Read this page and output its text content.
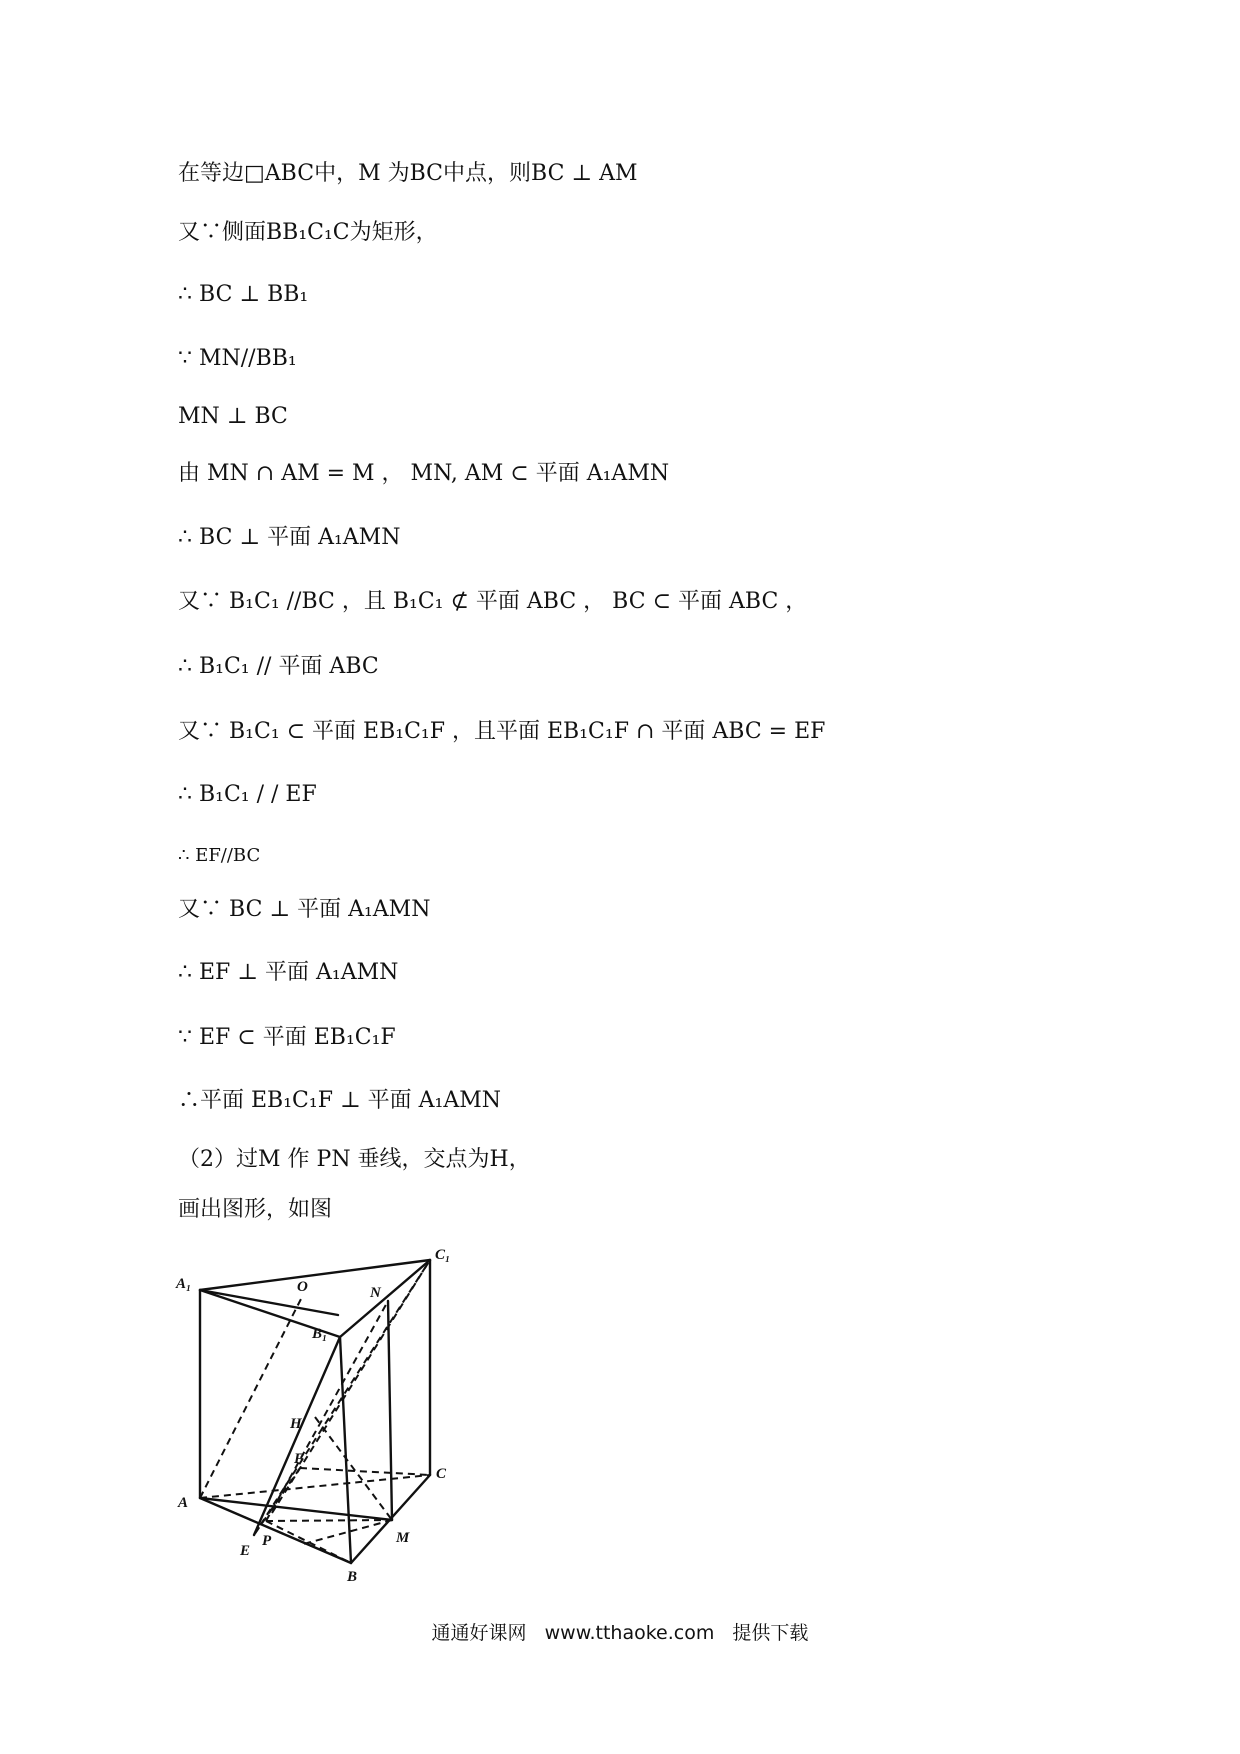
在等边□ABC中，M 为BC中点，则BC ⊥ AM
又∵侧面BB₁C₁C为矩形，
∴ BC ⊥ BB₁
∵ MN//BB₁
MN ⊥ BC
由 MN ∩ AM = M ， MN, AM ⊂ 平面 A₁AMN
∴ BC ⊥ 平面 A₁AMN
又∵ B₁C₁ //BC ，且 B₁C₁ ⊄ 平面 ABC ， BC ⊂ 平面 ABC ，
∴ B₁C₁ // 平面 ABC
又∵ B₁C₁ ⊂ 平面 EB₁C₁F ，且平面 EB₁C₁F ∩ 平面 ABC = EF
∴ B₁C₁ / / EF
∴ EF//BC
又∵ BC ⊥ 平面 A₁AMN
∴ EF ⊥ 平面 A₁AMN
∵ EF ⊂ 平面 EB₁C₁F
∴平面 EB₁C₁F ⊥ 平面 A₁AMN
（2）过M 作 PN 垂线，交点为H，
画出图形，如图
A₁
C₁
O	N
B₁
H
F
C
A
P	M
E
B
通通好课网 www.tthaoke.com 提供下载
